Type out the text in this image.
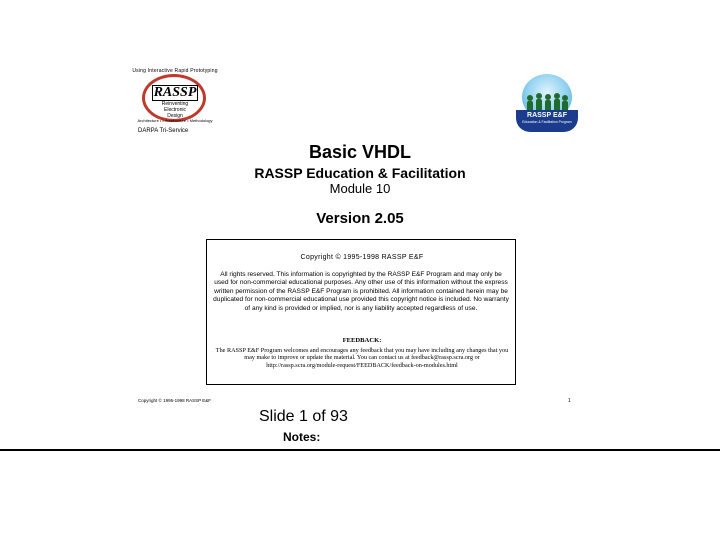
Using Interactive Rapid Prototyping
RASSP
Reinventing
Electronic
Design
Architecture • Infrastructure • Methodology
DARPA Tri-Service
RASSP E&F
Education & Facilitation Program
Basic VHDL
RASSP Education & Facilitation
Module 10
Version 2.05
Copyright © 1995-1998 RASSP E&F
All rights reserved. This information is copyrighted by the RASSP E&F Program and may only be used for non-commercial educational purposes. Any other use of this information without the express written permission of the RASSP E&F Program is prohibited. All information contained herein may be duplicated for non-commercial educational use provided this copyright notice is included. No warranty of any kind is provided or implied, nor is any liability accepted regardless of use.
FEEDBACK:
The RASSP E&F Program welcomes and encourages any feedback that you may have including any changes that you may make to improve or update the material. You can contact us at feedback@rassp.scra.org or
http://rassp.scra.org/module-request/FEEDBACK/feedback-on-modules.html
Copyright © 1995-1998 RASSP E&F	1
Slide 1 of 93
Notes:
